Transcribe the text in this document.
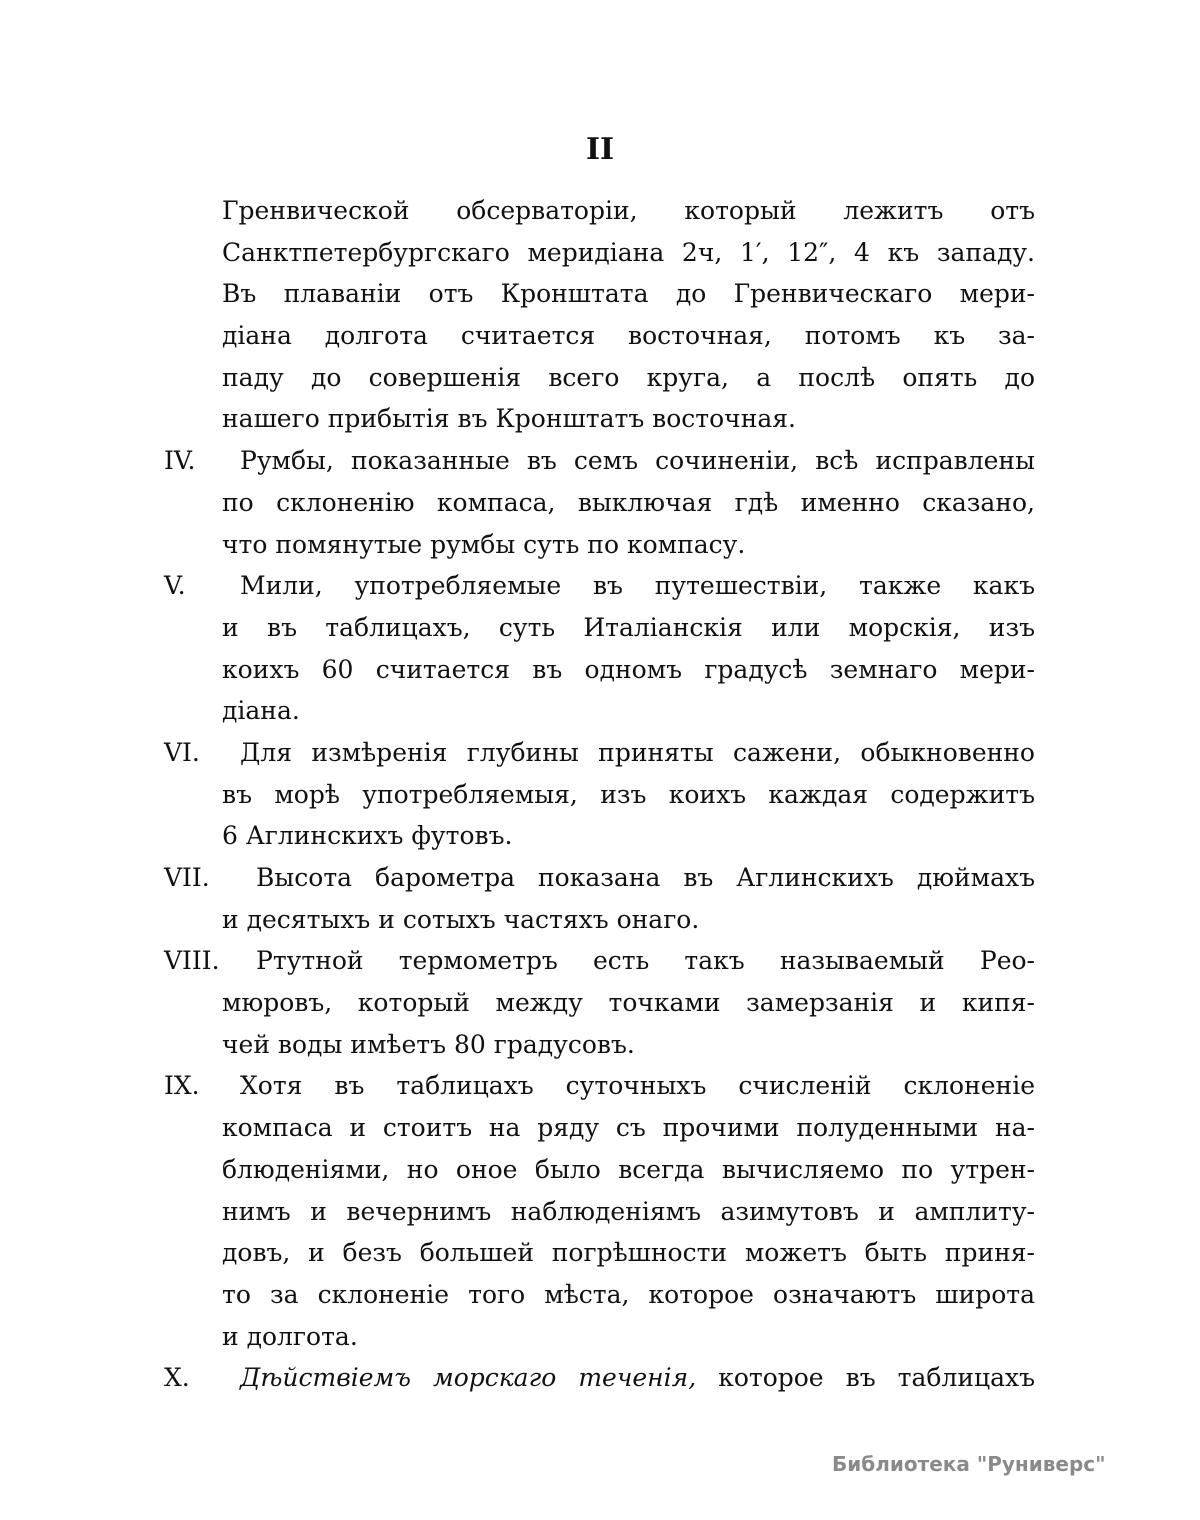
II
Гренвической обсерваторіи, который лежитъ отъ
Санктпетербургскаго меридіана 2ч, 1′, 12″, 4 къ западу.
Въ плаваніи отъ Кронштата до Гренвическаго мери-
діана долгота считается восточная, потомъ къ за-
паду до совершенія всего круга, а послѣ опять до
нашего прибытія въ Кронштатъ восточная.
IV. Румбы, показанные въ семъ сочиненіи, всѣ исправлены
по склоненію компаса, выключая гдѣ именно сказано,
что помянутые румбы суть по компасу.
V. Мили, употребляемые въ путешествіи, также какъ
и въ таблицахъ, суть Италіанскія или морскія, изъ
коихъ 60 считается въ одномъ градусѣ земнаго мери-
діана.
VI. Для измѣренія глубины приняты сажени, обыкновенно
въ морѣ употребляемыя, изъ коихъ каждая содержитъ
6 Аглинскихъ футовъ.
VII. Высота барометра показана въ Аглинскихъ дюймахъ
и десятыхъ и сотыхъ частяхъ онаго.
VIII. Ртутной термометръ есть такъ называемый Рео-
мюровъ, который между точками замерзанія и кипя-
чей воды имѣетъ 80 градусовъ.
IX. Хотя въ таблицахъ суточныхъ счисленій склоненіе
компаса и стоитъ на ряду съ прочими полуденными на-
блюденіями, но оное было всегда вычисляемо по утрен-
нимъ и вечернимъ наблюденіямъ азимутовъ и амплиту-
довъ, и безъ большей погрѣшности можетъ быть приня-
то за склоненіе того мѣста, которое означаютъ широта
и долгота.
X. Дѣйствіемъ морскаго теченія, которое въ таблицахъ
Библиотека "Руниверс"
